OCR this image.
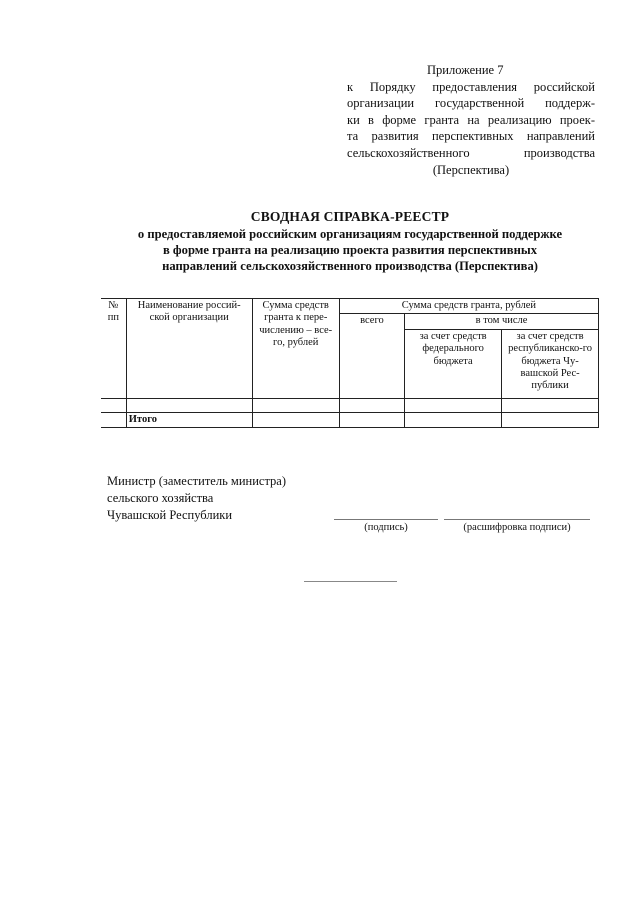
Приложение 7
к Порядку предоставления российской
организации государственной поддерж-
ки в форме гранта на реализацию проек-
та развития перспективных направлений
сельскохозяйственного производства
(Перспектива)
СВОДНАЯ СПРАВКА-РЕЕСТР
о предоставляемой российским организациям государственной поддержке
в форме гранта на реализацию проекта развития перспективных
направлений сельскохозяйственного производства (Перспектива)
№ пп	Наименование россий-ской организации	Сумма средств гранта к пере-числению – все-го, рублей	Сумма средств гранта, рублей		
			всего	в том числе	
				за счет средств федерального бюджета	за счет средств республиканско-го бюджета Чу-вашской Рес-публики

	Итого				
Министр (заместитель министра)
сельского хозяйства
Чувашской Республики
(подпись)	(расшифровка подписи)
